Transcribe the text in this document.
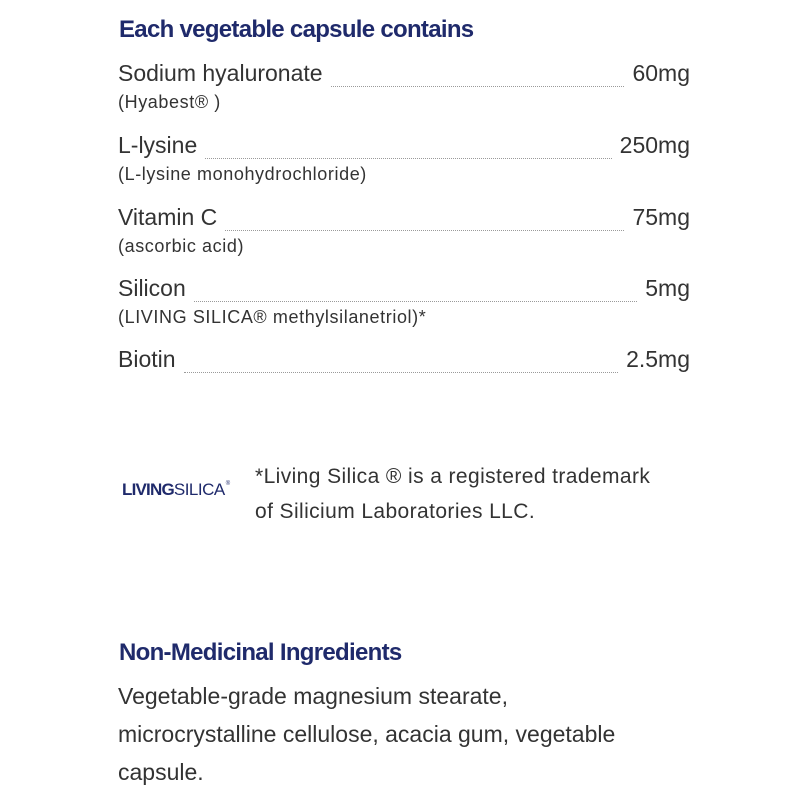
Each vegetable capsule contains
Sodium hyaluronate	60mg
(Hyabest® )
L-lysine	250mg
(L-lysine monohydrochloride)
Vitamin C	75mg
(ascorbic acid)
Silicon	5mg
(LIVING SILICA® methylsilanetriol)*
Biotin	2.5mg
LIVING SILICA ® *Living Silica ® is a registered trademark
of Silicium Laboratories LLC.
Non-Medicinal Ingredients
Vegetable-grade magnesium stearate,
microcrystalline cellulose, acacia gum, vegetable
capsule.
